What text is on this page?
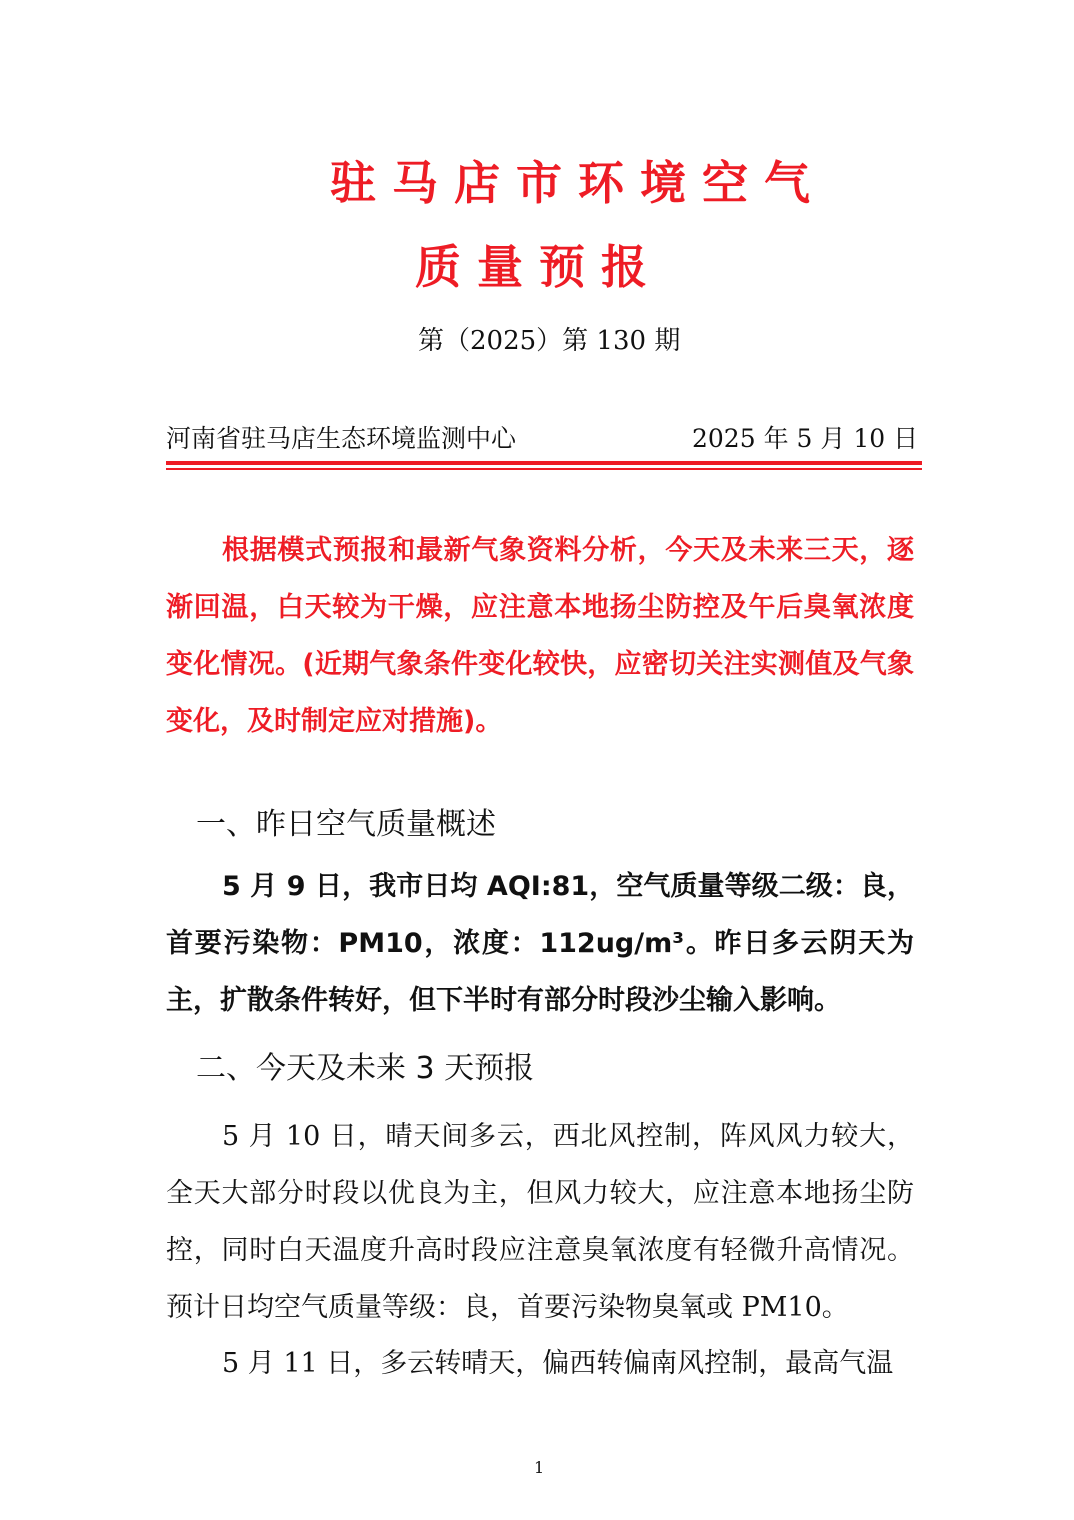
驻马店市环境空气
质量预报
第（2025）第 130 期
河南省驻马店生态环境监测中心	2025 年 5 月 10 日
根据模式预报和最新气象资料分析，今天及未来三天，逐渐回温，白天较为干燥，应注意本地扬尘防控及午后臭氧浓度变化情况。(近期气象条件变化较快，应密切关注实测值及气象变化，及时制定应对措施)。
一、昨日空气质量概述
5 月 9 日，我市日均 AQI:81，空气质量等级二级：良，首要污染物：PM10，浓度：112ug/m³。昨日多云阴天为主，扩散条件转好，但下半时有部分时段沙尘输入影响。
二、今天及未来 3 天预报
5 月 10 日，晴天间多云，西北风控制，阵风风力较大，全天大部分时段以优良为主，但风力较大，应注意本地扬尘防控，同时白天温度升高时段应注意臭氧浓度有轻微升高情况。预计日均空气质量等级：良，首要污染物臭氧或 PM10。
5 月 11 日，多云转晴天，偏西转偏南风控制，最高气温
1
